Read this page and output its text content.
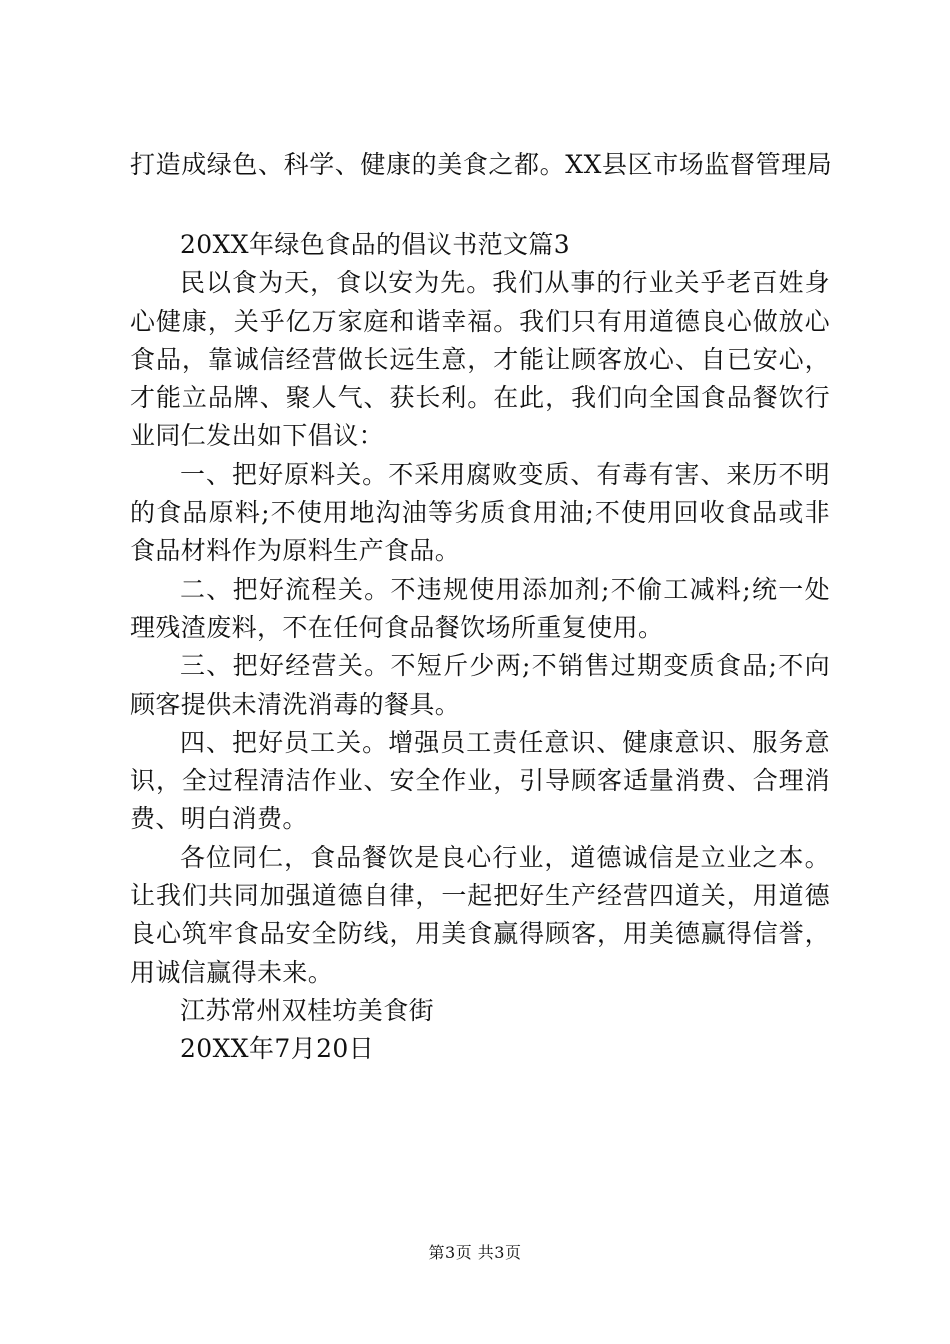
打造成绿色、科学、健康的美食之都。XX县区市场监督管理局

20XX年绿色食品的倡议书范文篇3

民以食为天，食以安为先。我们从事的行业关乎老百姓身心健康，关乎亿万家庭和谐幸福。我们只有用道德良心做放心食品，靠诚信经营做长远生意，才能让顾客放心、自已安心，才能立品牌、聚人气、获长利。在此，我们向全国食品餐饮行业同仁发出如下倡议：

一、把好原料关。不采用腐败变质、有毒有害、来历不明的食品原料;不使用地沟油等劣质食用油;不使用回收食品或非食品材料作为原料生产食品。

二、把好流程关。不违规使用添加剂;不偷工减料;统一处理残渣废料，不在任何食品餐饮场所重复使用。

三、把好经营关。不短斤少两;不销售过期变质食品;不向顾客提供未清洗消毒的餐具。

四、把好员工关。增强员工责任意识、健康意识、服务意识，全过程清洁作业、安全作业，引导顾客适量消费、合理消费、明白消费。

各位同仁，食品餐饮是良心行业，道德诚信是立业之本。让我们共同加强道德自律，一起把好生产经营四道关，用道德良心筑牢食品安全防线，用美食赢得顾客，用美德赢得信誉，用诚信赢得未来。

江苏常州双桂坊美食街

20XX年7月20日

第3页 共3页
